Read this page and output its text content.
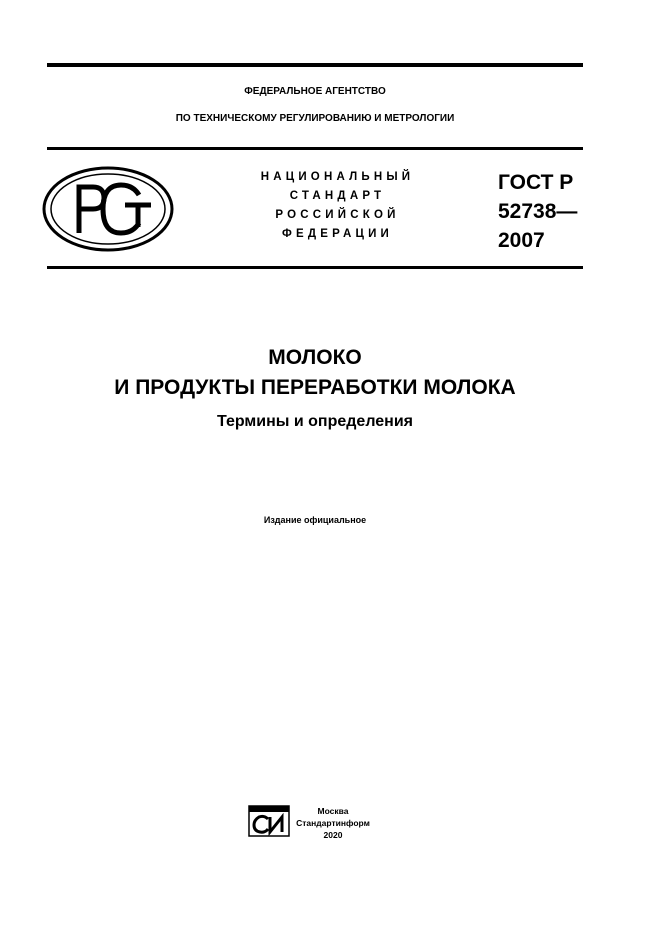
ФЕДЕРАЛЬНОЕ АГЕНТСТВО
ПО ТЕХНИЧЕСКОМУ РЕГУЛИРОВАНИЮ И МЕТРОЛОГИИ
РСТ
НАЦИОНАЛЬНЫЙ
СТАНДАРТ
РОССИЙСКОЙ
ФЕДЕРАЦИИ
ГОСТ Р
52738—
2007
МОЛОКО
И ПРОДУКТЫ ПЕРЕРАБОТКИ МОЛОКА
Термины и определения
Издание официальное
Москва
Стандартинформ
2020
